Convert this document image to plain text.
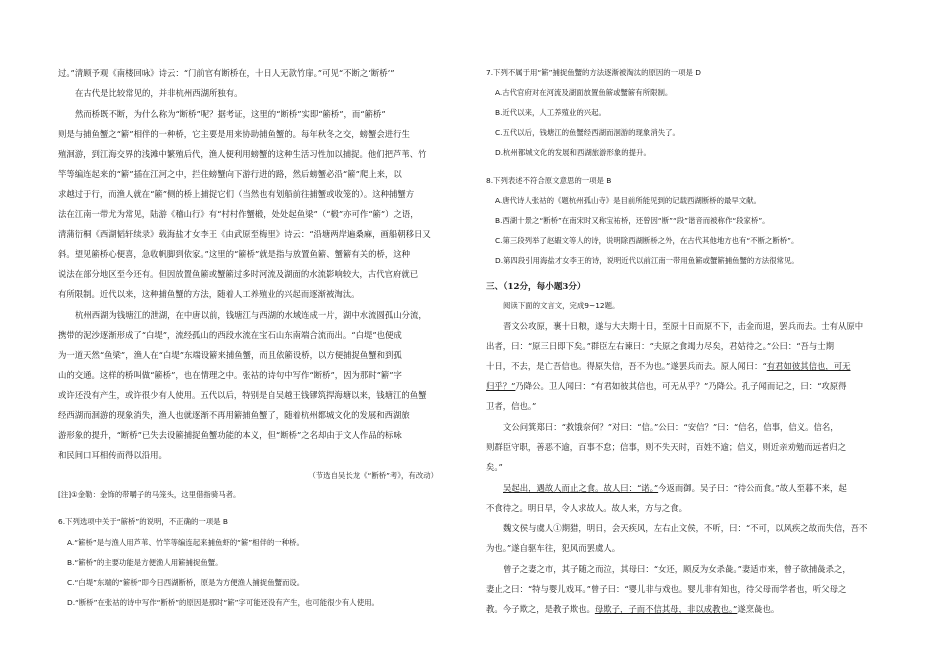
过。”清顾予观《南楼回咏》诗云：“门前官有断桥在，十日人无款竹扉。”可见“不断之‘断桥’”
在古代是比较常见的，并非杭州西湖所独有。
然而桥既不断，为什么称为“断桥”呢？据考证，这里的“断桥”实即“簖桥”，而“簖桥”
则是与捕鱼蟹之“簖”相伴的一种桥，它主要是用来协助捕鱼蟹的。每年秋冬之交，螃蟹会进行生
殖洄游，到江海交界的浅滩中繁殖后代，渔人便利用螃蟹的这种生活习性加以捕捉。他们把芦苇、竹
竿等编连起来的“簖”插在江河之中，拦住螃蟹向下游行进的路，然后螃蟹必沿“簖”爬上来，以
求越过于行，而渔人就在“簖”侧的桥上捕捉它们（当然也有划船前往捕蟹或收笼的）。这种捕蟹方
法在江南一带尤为常见，陆游《稽山行》有“村村作蟹椴，处处起鱼梁”（“椴”亦可作“簖”）之语，
清蒲衍桐《西湖韬轩续录》载海盐才女李王《由武原至梅里》诗云：“沿塘两岸遍桑麻，画船朝移日又
斜。望见簖桥心便喜，急收帆脚到依家。”这里的“簖桥”就是指与放置鱼簖、蟹簖有关的桥，这种
说法在部分地区至今还有。但因放置鱼簖或蟹簖过多时河流及湖面的水流影响较大，古代官府就已
有所限制。近代以来，这种捕鱼蟹的方法，随着人工养殖业的兴起而逐渐被淘汰。
杭州西湖为钱塘江的泄湖，在中唐以前，钱塘江与西湖的水域连成一片，湖中水流圆孤山分流，
携带的泥沙逐渐形成了“白堤”，流经孤山的西段水流在宝石山东南端合流而出。“白堤”也便成
为一道天然“鱼梁”，渔人在“白堤”东端设簖来捕鱼蟹，而且依簖设桥，以方便捕捉鱼蟹和到孤
山的交通。这样的桥叫做“簖桥”，也在情理之中。张祜的诗句中写作“断桥”，因为那时“簖”字
或许还没有产生，或许很少有人使用。五代以后，特别是自吴越王钱镠筑捍海塘以来，钱塘江的鱼蟹
经西湖而洄游的现象消失，渔人也就逐渐不再用簖捕鱼蟹了，随着杭州都城文化的发展和西湖旅
游形象的提升，“断桥”已失去设簖捕捉鱼蟹功能的本义，但“断桥”之名却由于文人作品的标咏
和民间口耳相传而得以沿用。
（节选自吴长龙《“断桥”考》，有改动）
[注]①金勒：金饰的带嚼子的马笼头，这里借指骑马者。
6.下列选项中关于“簖桥”的说明，不正确的一项是 B
A.“簖桥”是与渔人用芦苇、竹竿等编连起来捕鱼虾的“簖”相伴的一种桥。
B.“簖桥”的主要功能是方便渔人用簖捕捉鱼蟹。
C.“白堤”东端的“簖桥”即今日西湖断桥，原是为方便渔人捕捉鱼蟹而设。
D.“断桥”在张祜的诗中写作“断桥”的原因是那时“簖”字可能还没有产生，也可能很少有人使用。
7.下列不属于用“簖”捕捉鱼蟹的方法逐渐被淘汰的原因的一项是 D
A.古代官府对在河流及湖面放置鱼簖或蟹簖有所限制。
B.近代以来，人工养殖业的兴起。
C.五代以后，钱塘江的鱼蟹经西湖而洄游的现象消失了。
D.杭州都城文化的发展和西湖旅游形象的提升。
8.下列表述不符合原文意思的一项是 B
A.唐代诗人张祜的《题杭州孤山寺》是目前所能见到的记载西湖断桥的最早文献。
B.西湖十景之“断桥”在南宋时又称宝祐桥，还曾因“断”“段”谐音而被称作“段家桥”。
C.第三段列举了赵嘏文等人的诗，说明除西湖断桥之外，在古代其他地方也有“不断之断桥”。
D.第四段引用海盐才女李王的诗，说明近代以前江南一带用鱼簖或蟹簖捕鱼蟹的方法很常见。
三、（12分，每小题3分）
阅读下面的文言文，完成9~12题。
晋文公攻原，裹十日粮，遂与大夫期十日，至原十日而原不下，击金而退，罢兵而去。士有从原中
出者，曰：“原三日即下矣。”群臣左右谏曰：“夫原之食竭力尽矣，君姑待之。”公曰：“吾与士期
十日，不去，是亡吾信也。得原失信，吾不为也。”遂罢兵而去。原人闻曰：“有君如彼其信也，可无
归乎？”乃降公。卫人闻曰：“有君如彼其信也，可无从乎？”乃降公。孔子闻而记之，曰：“攻原得
卫者，信也。”
文公问箕郑曰：“救饿奈何？”对曰：“信。”公曰：“安信？”曰：“信名，信事，信义。信名，
则群臣守职，善恶不逾，百事不怠；信事，则不失天时，百姓不逾；信义，则近亲劝勉而远者归之
矣。”
吴起出，遇故人而止之食。故人曰：“诺。”今返而御。吴子曰：“待公而食。”故人至暮不来，起
不食待之。明日早，令人求故人。故人来，方与之食。
魏文侯与虞人①期猎，明日，会天疾风，左右止文侯，不听，曰：“不可，以风疾之故而失信，吾不
为也。”遂自驱车往，犯风而罢虞人。
曾子之妻之市，其子随之而泣，其母曰：“女还，顾反为女杀彘。”妻适市来，曾子欲捕彘杀之，
妻止之曰：“特与婴儿戏耳。”曾子曰：“婴儿非与戏也。婴儿非有知也，待父母而学者也，听父母之
教。今子欺之，是教子欺也。母欺子，子而不信其母，非以成教也。”遂烹彘也。
